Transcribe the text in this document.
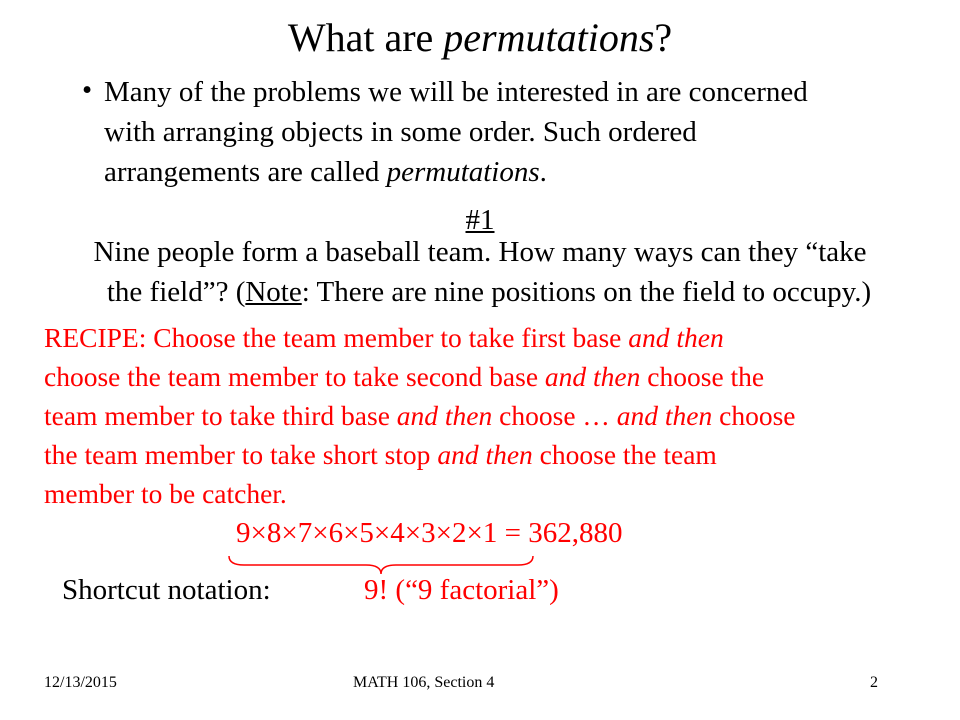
What are permutations?
• Many of the problems we will be interested in are concerned
with arranging objects in some order. Such ordered
arrangements are called permutations.
#1
Nine people form a baseball team. How many ways can they “take
the field”? (Note: There are nine positions on the field to occupy.)
RECIPE: Choose the team member to take first base and then
choose the team member to take second base and then choose the
team member to take third base and then choose … and then choose
the team member to take short stop and then choose the team
member to be catcher.
9×8×7×6×5×4×3×2×1 = 362,880
Shortcut notation:	9! (“9 factorial”)
12/13/2015	MATH 106, Section 4	2
